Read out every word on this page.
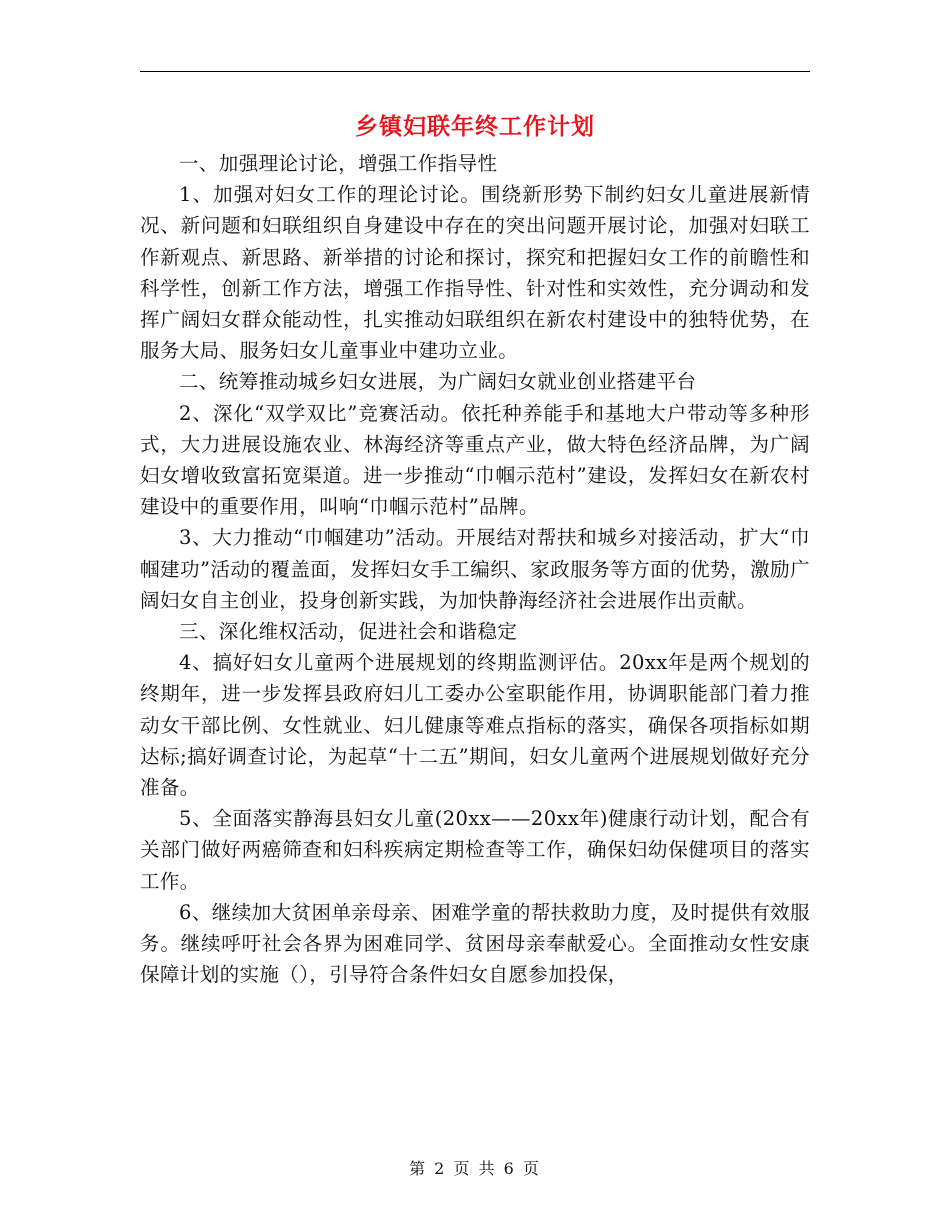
乡镇妇联年终工作计划

一、加强理论讨论，增强工作指导性

1、加强对妇女工作的理论讨论。围绕新形势下制约妇女儿童进展新情况、新问题和妇联组织自身建设中存在的突出问题开展讨论，加强对妇联工作新观点、新思路、新举措的讨论和探讨，探究和把握妇女工作的前瞻性和科学性，创新工作方法，增强工作指导性、针对性和实效性，充分调动和发挥广阔妇女群众能动性，扎实推动妇联组织在新农村建设中的独特优势，在服务大局、服务妇女儿童事业中建功立业。

二、统筹推动城乡妇女进展，为广阔妇女就业创业搭建平台

2、深化“双学双比”竞赛活动。依托种养能手和基地大户带动等多种形式，大力进展设施农业、林海经济等重点产业，做大特色经济品牌，为广阔妇女增收致富拓宽渠道。进一步推动“巾帼示范村”建设，发挥妇女在新农村建设中的重要作用，叫响“巾帼示范村”品牌。

3、大力推动“巾帼建功”活动。开展结对帮扶和城乡对接活动，扩大“巾帼建功”活动的覆盖面，发挥妇女手工编织、家政服务等方面的优势，激励广阔妇女自主创业，投身创新实践，为加快静海经济社会进展作出贡献。

三、深化维权活动，促进社会和谐稳定

4、搞好妇女儿童两个进展规划的终期监测评估。20xx年是两个规划的终期年，进一步发挥县政府妇儿工委办公室职能作用，协调职能部门着力推动女干部比例、女性就业、妇儿健康等难点指标的落实，确保各项指标如期达标;搞好调查讨论，为起草“十二五”期间，妇女儿童两个进展规划做好充分准备。

5、全面落实静海县妇女儿童(20xx——20xx年)健康行动计划，配合有关部门做好两癌筛查和妇科疾病定期检查等工作，确保妇幼保健项目的落实工作。

6、继续加大贫困单亲母亲、困难学童的帮扶救助力度，及时提供有效服务。继续呼吁社会各界为困难同学、贫困母亲奉献爱心。全面推动女性安康保障计划的实施（），引导符合条件妇女自愿参加投保，

第 2 页 共 6 页
